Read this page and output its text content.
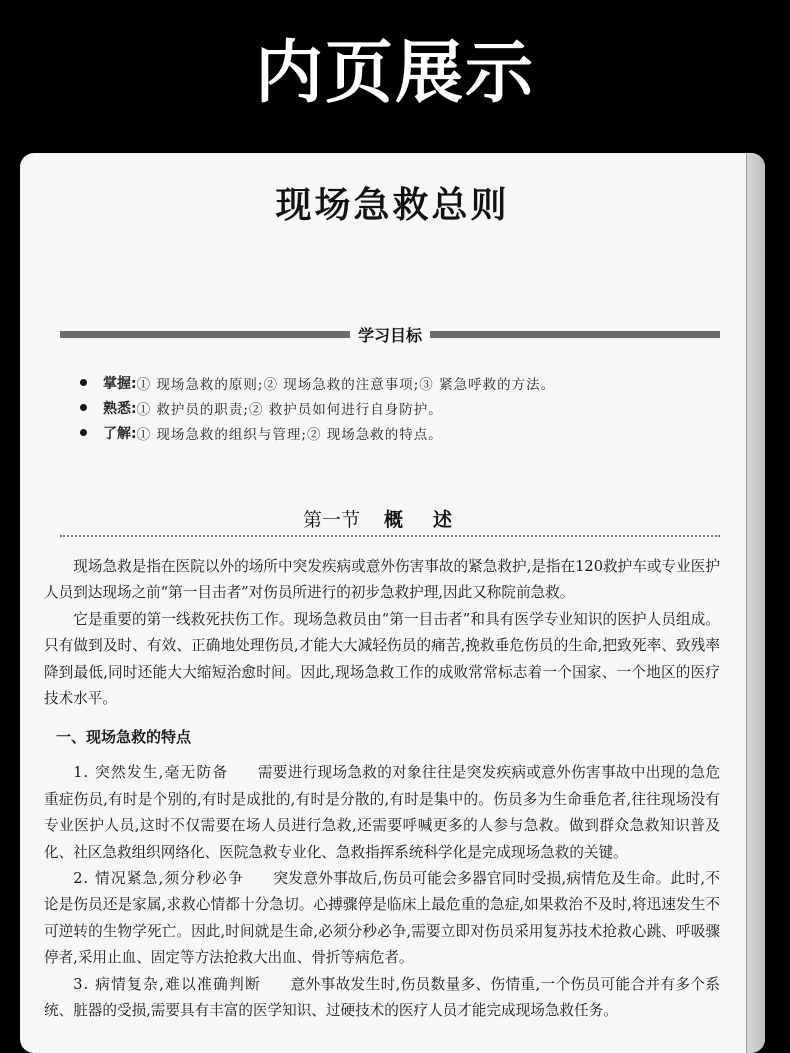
内页展示
现场急救总则
学习目标
掌握: ① 现场急救的原则;② 现场急救的注意事项;③ 紧急呼救的方法。
熟悉: ① 救护员的职责;② 救护员如何进行自身防护。
了解: ① 现场急救的组织与管理;② 现场急救的特点。
第一节 概述

现场急救是指在医院以外的场所中突发疾病或意外伤害事故的紧急救护,是指在120救护车或专业医护人员到达现场之前“第一目击者”对伤员所进行的初步急救护理,因此又称院前急救。

它是重要的第一线救死扶伤工作。现场急救员由“第一目击者”和具有医学专业知识的医护人员组成。只有做到及时、有效、正确地处理伤员,才能大大减轻伤员的痛苦,挽救垂危伤员的生命,把致死率、致残率降到最低,同时还能大大缩短治愈时间。因此,现场急救工作的成败常常标志着一个国家、一个地区的医疗技术水平。

一、现场急救的特点

1. 突然发生,毫无防备   需要进行现场急救的对象往往是突发疾病或意外伤害事故中出现的急危重症伤员,有时是个别的,有时是成批的,有时是分散的,有时是集中的。伤员多为生命垂危者,往往现场没有专业医护人员,这时不仅需要在场人员进行急救,还需要呼喊更多的人参与急救。做到群众急救知识普及化、社区急救组织网络化、医院急救专业化、急救指挥系统科学化是完成现场急救的关键。

2. 情况紧急,须分秒必争   突发意外事故后,伤员可能会多器官同时受损,病情危及生命。此时,不论是伤员还是家属,求救心情都十分急切。心搏骤停是临床上最危重的急症,如果救治不及时,将迅速发生不可逆转的生物学死亡。因此,时间就是生命,必须分秒必争,需要立即对伤员采用复苏技术抢救心跳、呼吸骤停者,采用止血、固定等方法抢救大出血、骨折等病危者。

3. 病情复杂,难以准确判断   意外事故发生时,伤员数量多、伤情重,一个伤员可能合并有多个系统、脏器的受损,需要具有丰富的医学知识、过硬技术的医疗人员才能完成现场急救任务。
